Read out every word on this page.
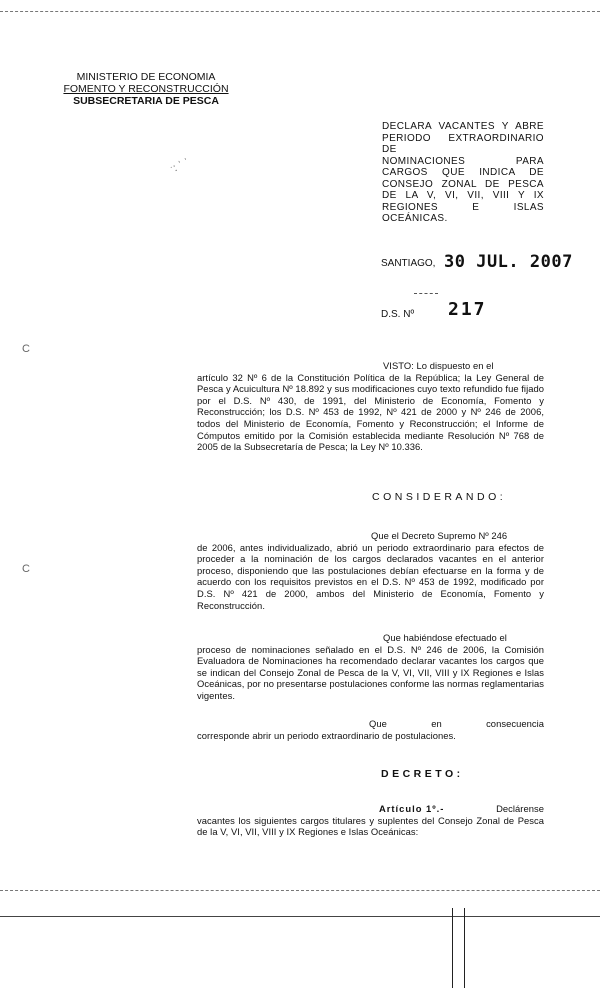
MINISTERIO DE ECONOMIA
FOMENTO Y RECONSTRUCCIÓN
SUBSECRETARIA DE PESCA
ˑ: ʾ ˈ
DECLARA VACANTES Y ABRE
PERIODO EXTRAORDINARIO DE
NOMINACIONES PARA
CARGOS QUE INDICA DE
CONSEJO ZONAL DE PESCA
DE LA V, VI, VII, VIII Y IX
REGIONES E ISLAS
OCEÁNICAS.
SANTIAGO, 30 JUL. 2007
D.S. Nº 217
C
C
VISTO: Lo dispuesto en el
artículo 32 Nº 6 de la Constitución Política de la República; la Ley General de Pesca y Acuicultura Nº 18.892 y sus modificaciones cuyo texto refundido fue fijado por el D.S. Nº 430, de 1991, del Ministerio de Economía, Fomento y Reconstrucción; los D.S. Nº 453 de 1992, Nº 421 de 2000 y Nº 246 de 2006, todos del Ministerio de Economía, Fomento y Reconstrucción; el Informe de Cómputos emitido por la Comisión establecida mediante Resolución Nº 768 de 2005 de la Subsecretaría de Pesca; la Ley Nº 10.336.
CONSIDERANDO:
Que el Decreto Supremo Nº 246
de 2006, antes individualizado, abrió un periodo extraordinario para efectos de proceder a la nominación de los cargos declarados vacantes en el anterior proceso, disponiendo que las postulaciones debían efectuarse en la forma y de acuerdo con los requisitos previstos en el D.S. Nº 453 de 1992, modificado por D.S. Nº 421 de 2000, ambos del Ministerio de Economía, Fomento y Reconstrucción.
Que habiéndose efectuado el
proceso de nominaciones señalado en el D.S. Nº 246 de 2006, la Comisión Evaluadora de Nominaciones ha recomendado declarar vacantes los cargos que se indican del Consejo Zonal de Pesca de la V, VI, VII, VIII y IX Regiones e Islas Oceánicas, por no presentarse postulaciones conforme las normas reglamentarias vigentes.
Que en consecuencia
corresponde abrir un periodo extraordinario de postulaciones.
DECRETO:
Artículo 1º.-	Declárense
vacantes los siguientes cargos titulares y suplentes del Consejo Zonal de Pesca de la V, VI, VII, VIII y IX Regiones e Islas Oceánicas:
